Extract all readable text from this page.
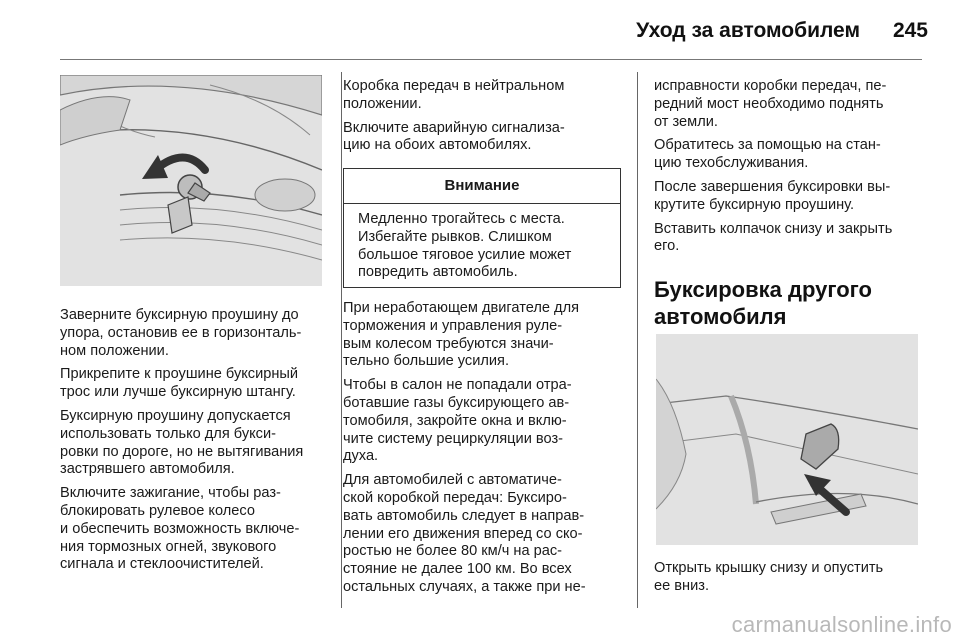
Уход за автомобилем	245

Заверните буксирную проушину до
упора, остановив ее в горизонталь-
ном положении.

Прикрепите к проушине буксирный
трос или лучше буксирную штангу.

Буксирную проушину допускается
использовать только для букси-
ровки по дороге, но не вытягивания
застрявшего автомобиля.

Включите зажигание, чтобы раз-
блокировать рулевое колесо
и обеспечить возможность включе-
ния тормозных огней, звукового
сигнала и стеклоочистителей.

Коробка передач в нейтральном
положении.

Включите аварийную сигнализа-
цию на обоих автомобилях.

Внимание
Медленно трогайтесь с места.
Избегайте рывков. Слишком
большое тяговое усилие может
повредить автомобиль.

При неработающем двигателе для
торможения и управления руле-
вым колесом требуются значи-
тельно большие усилия.

Чтобы в салон не попадали отра-
ботавшие газы буксирующего ав-
томобиля, закройте окна и вклю-
чите систему рециркуляции воз-
духа.

Для автомобилей с автоматиче-
ской коробкой передач: Буксиро-
вать автомобиль следует в направ-
лении его движения вперед со ско-
ростью не более 80 км/ч на рас-
стояние не далее 100 км. Во всех
остальных случаях, а также при не-

исправности коробки передач, пе-
редний мост необходимо поднять
от земли.

Обратитесь за помощью на стан-
цию техобслуживания.

После завершения буксировки вы-
крутите буксирную проушину.

Вставить колпачок снизу и закрыть
его.

Буксировка другого
автомобиля

Открыть крышку снизу и опустить
ее вниз.

carmanualsonline.info
